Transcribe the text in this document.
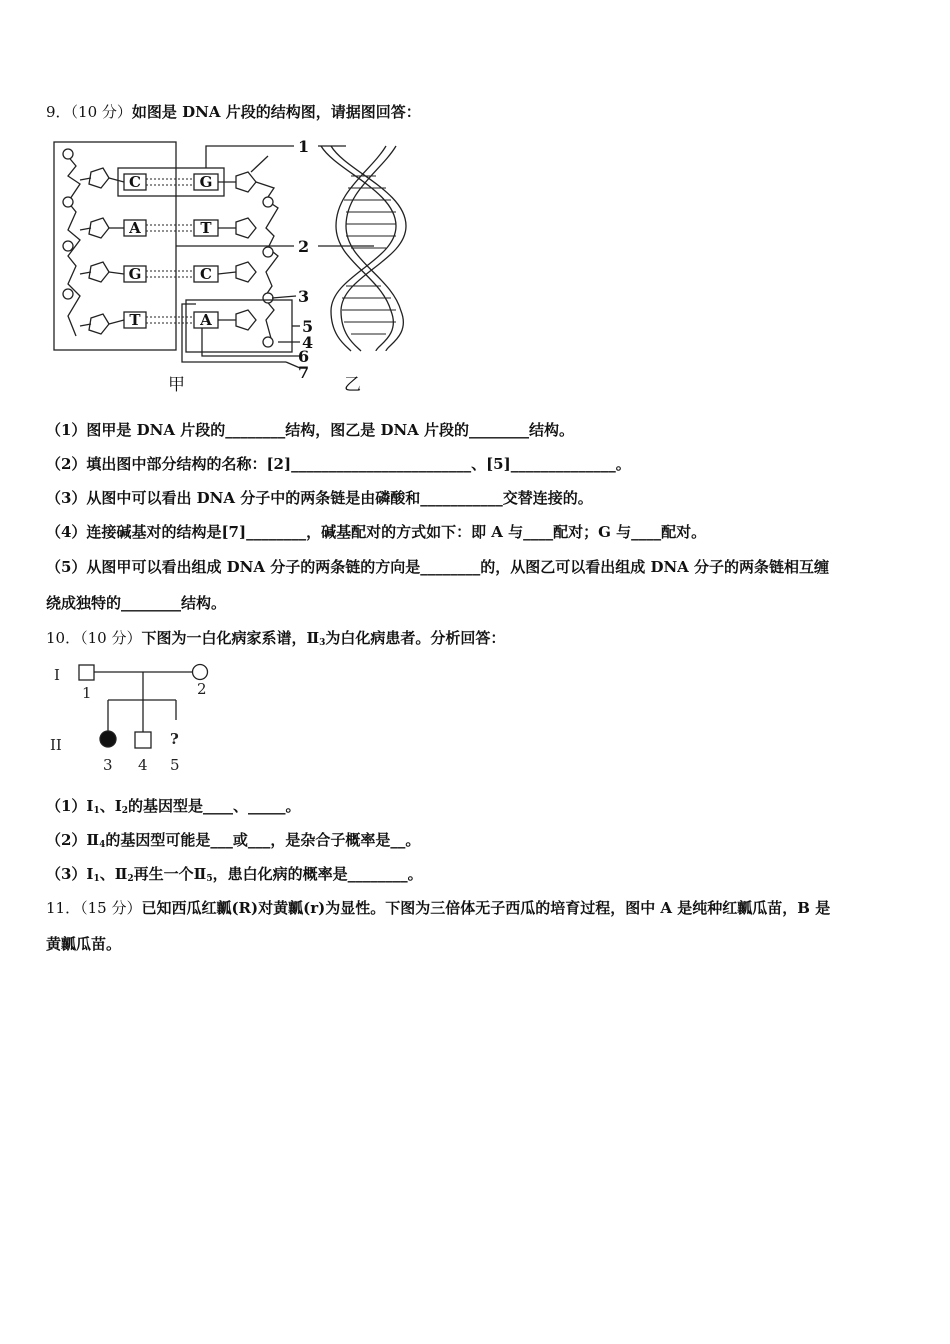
9．（10 分）如图是 DNA 片段的结构图，请据图回答：
C
A
G
T
G
T
C
A
1
2
3
5
4
6
7
甲	乙
（1）图甲是 DNA 片段的________结构，图乙是 DNA 片段的________结构。
（2）填出图中部分结构的名称：[2]________________________、[5]______________。
（3）从图中可以看出 DNA 分子中的两条链是由磷酸和___________交替连接的。
（4）连接碱基对的结构是[7]________，碱基配对的方式如下：即 A 与____配对；G 与____配对。
（5）从图甲可以看出组成 DNA 分子的两条链的方向是________的，从图乙可以看出组成 DNA 分子的两条链相互缠
绕成独特的________结构。
10．（10 分）下图为一白化病家系谱，$Ⅱ_3$为白化病患者。分析回答：
I
II
1	2
3 4 5
?
$(1)Ⅰ_1$、$Ⅰ_2$的基因型是____、_____。
$(2)Ⅱ_4$的基因型可能是___或___，是杂合子概率是__。
$(3)Ⅰ_1$、$Ⅱ_2$再生一个$Ⅱ_5$，患白化病的概率是________。
11．（15 分）已知西瓜红瓤(R)对黄瓤(r)为显性。下图为三倍体无子西瓜的培育过程，图中 A 是纯种红瓤瓜苗，B 是
黄瓤瓜苗。
